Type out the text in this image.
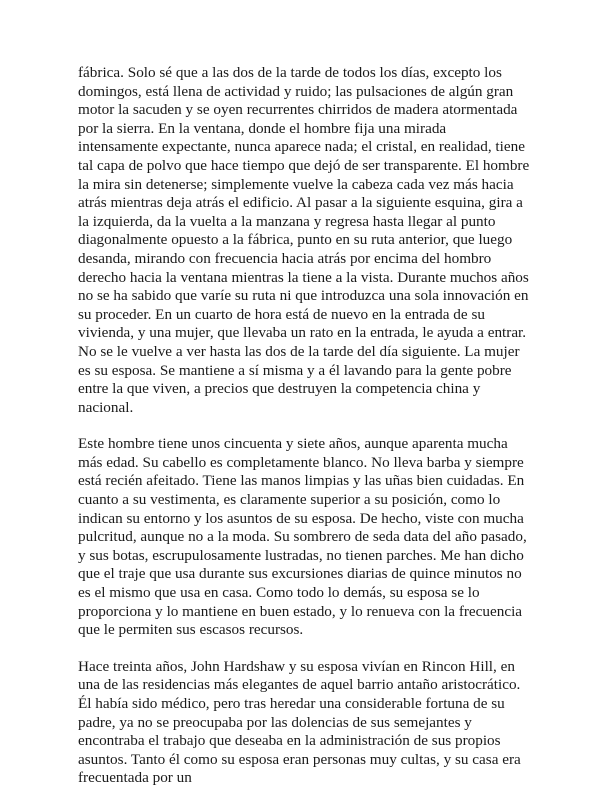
fábrica. Solo sé que a las dos de la tarde de todos los días, excepto los domingos, está llena de actividad y ruido; las pulsaciones de algún gran motor la sacuden y se oyen recurrentes chirridos de madera atormentada por la sierra. En la ventana, donde el hombre fija una mirada intensamente expectante, nunca aparece nada; el cristal, en realidad, tiene tal capa de polvo que hace tiempo que dejó de ser transparente. El hombre la mira sin detenerse; simplemente vuelve la cabeza cada vez más hacia atrás mientras deja atrás el edificio. Al pasar a la siguiente esquina, gira a la izquierda, da la vuelta a la manzana y regresa hasta llegar al punto diagonalmente opuesto a la fábrica, punto en su ruta anterior, que luego desanda, mirando con frecuencia hacia atrás por encima del hombro derecho hacia la ventana mientras la tiene a la vista. Durante muchos años no se ha sabido que varíe su ruta ni que introduzca una sola innovación en su proceder. En un cuarto de hora está de nuevo en la entrada de su vivienda, y una mujer, que llevaba un rato en la entrada, le ayuda a entrar. No se le vuelve a ver hasta las dos de la tarde del día siguiente. La mujer es su esposa. Se mantiene a sí misma y a él lavando para la gente pobre entre la que viven, a precios que destruyen la competencia china y nacional.

Este hombre tiene unos cincuenta y siete años, aunque aparenta mucha más edad. Su cabello es completamente blanco. No lleva barba y siempre está recién afeitado. Tiene las manos limpias y las uñas bien cuidadas. En cuanto a su vestimenta, es claramente superior a su posición, como lo indican su entorno y los asuntos de su esposa. De hecho, viste con mucha pulcritud, aunque no a la moda. Su sombrero de seda data del año pasado, y sus botas, escrupulosamente lustradas, no tienen parches. Me han dicho que el traje que usa durante sus excursiones diarias de quince minutos no es el mismo que usa en casa. Como todo lo demás, su esposa se lo proporciona y lo mantiene en buen estado, y lo renueva con la frecuencia que le permiten sus escasos recursos.

Hace treinta años, John Hardshaw y su esposa vivían en Rincon Hill, en una de las residencias más elegantes de aquel barrio antaño aristocrático. Él había sido médico, pero tras heredar una considerable fortuna de su padre, ya no se preocupaba por las dolencias de sus semejantes y encontraba el trabajo que deseaba en la administración de sus propios asuntos. Tanto él como su esposa eran personas muy cultas, y su casa era frecuentada por un
